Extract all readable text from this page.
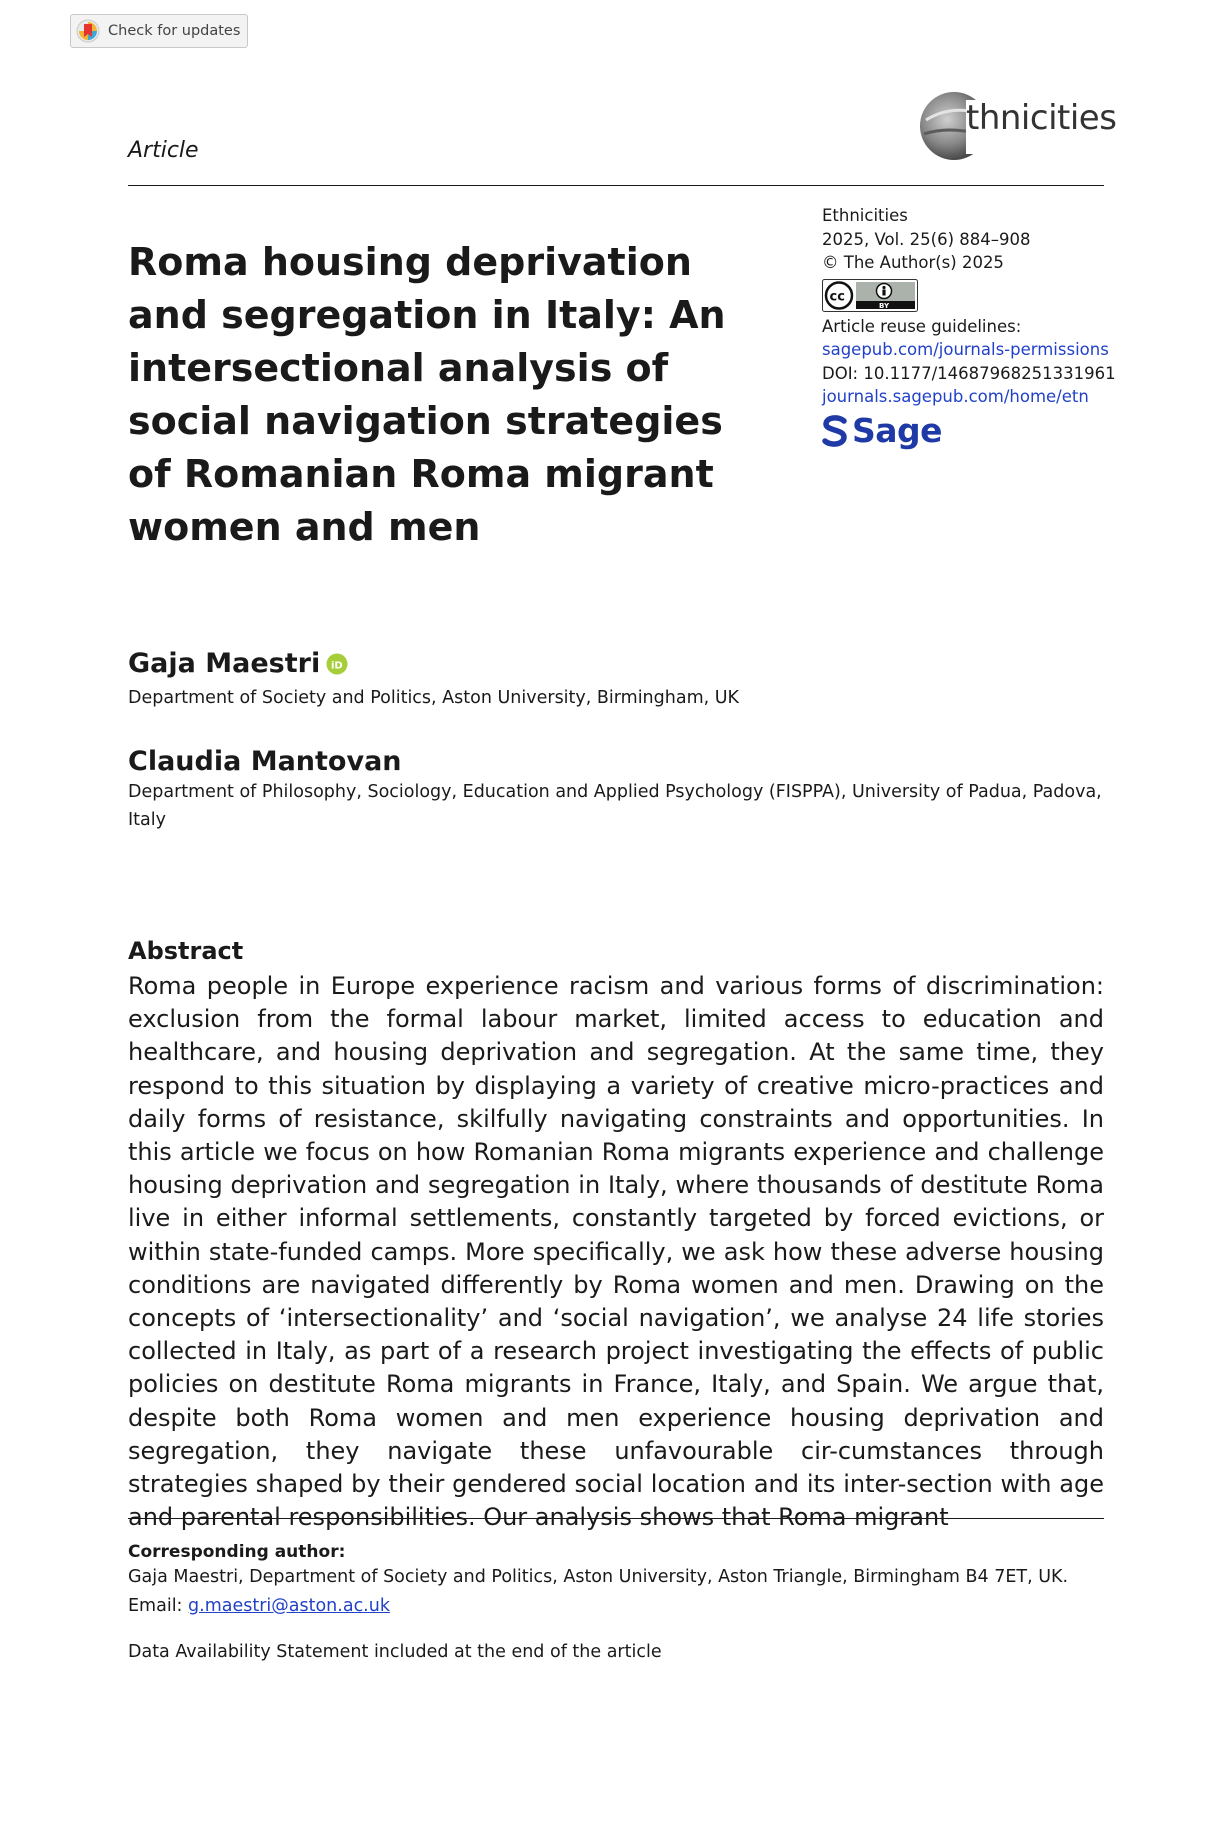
Check for updates
Article
thnicities
Roma housing deprivation and segregation in Italy: An intersectional analysis of social navigation strategies of Romanian Roma migrant women and men
Ethnicities
2025, Vol. 25(6) 884–908
© The Author(s) 2025
BY
cc
Article reuse guidelines:
sagepub.com/journals-permissions
DOI: 10.1177/14687968251331961
journals.sagepub.com/home/etn
Sage
Gaja Maestri iD
Department of Society and Politics, Aston University, Birmingham, UK
Claudia Mantovan
Department of Philosophy, Sociology, Education and Applied Psychology (FISPPA), University of Padua, Padova, Italy
Abstract

Roma people in Europe experience racism and various forms of discrimination: exclusion from the formal labour market, limited access to education and healthcare, and housing deprivation and segregation. At the same time, they respond to this situation by displaying a variety of creative micro-practices and daily forms of resistance, skilfully navigating constraints and opportunities. In this article we focus on how Romanian Roma migrants experience and challenge housing deprivation and segregation in Italy, where thousands of destitute Roma live in either informal settlements, constantly targeted by forced evictions, or within state-funded camps. More specifically, we ask how these adverse housing conditions are navigated differently by Roma women and men. Drawing on the concepts of ‘intersectionality’ and ‘social navigation’, we analyse 24 life stories collected in Italy, as part of a research project investigating the effects of public policies on destitute Roma migrants in France, Italy, and Spain. We argue that, despite both Roma women and men experience housing deprivation and segregation, they navigate these unfavourable cir-cumstances through strategies shaped by their gendered social location and its inter-section with age and parental responsibilities. Our analysis shows that Roma migrant

Corresponding author:
Gaja Maestri, Department of Society and Politics, Aston University, Aston Triangle, Birmingham B4 7ET, UK.
Email: g.maestri@aston.ac.uk
Data Availability Statement included at the end of the article
